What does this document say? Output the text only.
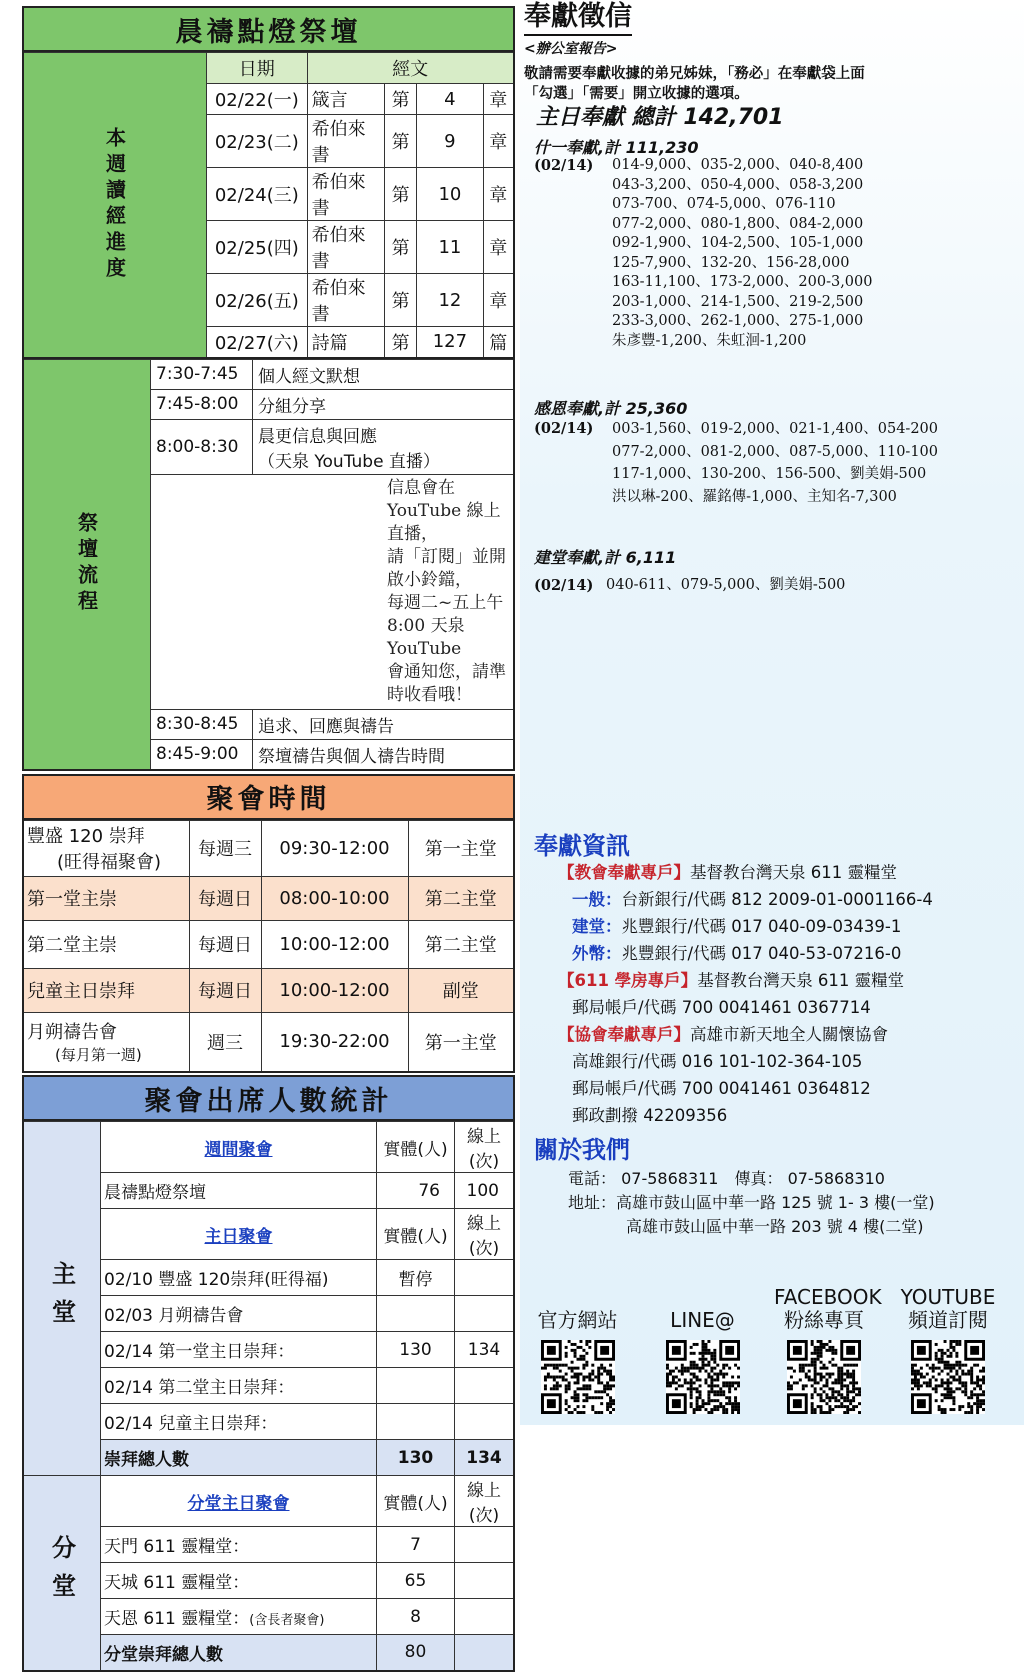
晨禱點燈祭壇
本週讀經進度	日期	經文			
	02/22(一)	箴言	第	4	章
	02/23(二)	希伯來書	第	9	章
	02/24(三)	希伯來書	第	10	章
	02/25(四)	希伯來書	第	11	章
	02/26(五)	希伯來書	第	12	章
	02/27(六)	詩篇	第	127	篇
祭壇流程	7:30-7:45	個人經文默想
	7:45-8:00	分組分享
	8:00-8:30	晨更信息與回應
（天泉 YouTube 直播）

	信息會在 YouTube 線上直播，
請「訂閱」並開啟小鈴鐺，
每週二~五上午 8:00 天泉 YouTube
會通知您，請準時收看哦！	

	8:30-8:45	追求、回應與禱告
	8:45-9:00	祭壇禱告與個人禱告時間
聚會時間
豐盛 120 崇拜
(旺得福聚會)	每週三	09:30-12:00	第一主堂
第一堂主崇	每週日	08:00-10:00	第二主堂
第二堂主崇	每週日	10:00-12:00	第二主堂
兒童主日崇拜	每週日	10:00-12:00	副堂

月朔禱告會
(每月第一週)	週三	19:30-22:00	第一主堂
聚會出席人數統計
主堂	週間聚會	實體(人)	線上(次)
	晨禱點燈祭壇	76	100
	主日聚會	實體(人)	線上(次)
	02/10 豐盛 120崇拜(旺得福)	暫停	
	02/03 月朔禱告會		
	02/14 第一堂主日崇拜：	130	134
	02/14 第二堂主日崇拜：		
	02/14 兒童主日崇拜：		
	崇拜總人數	130	134
分堂	分堂主日聚會	實體(人)	線上(次)
	天門 611 靈糧堂：	7	
	天城 611 靈糧堂：	65	
	天恩 611 靈糧堂：(含長者聚會)	8	
	分堂崇拜總人數	80	
奉獻徵信
<辦公室報告>
敬請需要奉獻收據的弟兄姊妹，「務必」在奉獻袋上面
「勾選」「需要」開立收據的選項。
主日奉獻 總計 142,701
什一奉獻,計 111,230
(02/14) 014-9,000、035-2,000、040-8,400
043-3,200、050-4,000、058-3,200
073-700、074-5,000、076-110
077-2,000、080-1,800、084-2,000
092-1,900、104-2,500、105-1,000
125-7,900、132-20、156-28,000
163-11,100、173-2,000、200-3,000
203-1,000、214-1,500、219-2,500
233-3,000、262-1,000、275-1,000
朱彥豐-1,200、朱虹洄-1,200
感恩奉獻,計 25,360
(02/14) 003-1,560、019-2,000、021-1,400、054-200
077-2,000、081-2,000、087-5,000、110-100
117-1,000、130-200、156-500、劉美娟-500
洪以琳-200、羅銘傳-1,000、主知名-7,300
建堂奉獻,計 6,111
(02/14) 040-611、079-5,000、劉美娟-500
奉獻資訊
【教會奉獻專戶】基督教台灣天泉 611 靈糧堂
一般：台新銀行/代碼 812 2009-01-0001166-4
建堂：兆豐銀行/代碼 017 040-09-03439-1
外幣：兆豐銀行/代碼 017 040-53-07216-0
【611 學房專戶】基督教台灣天泉 611 靈糧堂
郵局帳戶/代碼 700 0041461 0367714
【協會奉獻專戶】高雄市新天地全人關懷協會
高雄銀行/代碼 016 101-102-364-105
郵局帳戶/代碼 700 0041461 0364812
郵政劃撥 42209356
關於我們
電話： 07-5868311　傳真： 07-5868310
地址：高雄市鼓山區中華一路 125 號 1- 3 樓(一堂)
高雄市鼓山區中華一路 203 號 4 樓(二堂)
官方網站	LINE@
FACEBOOK
粉絲專頁
YOUTUBE
頻道訂閱
